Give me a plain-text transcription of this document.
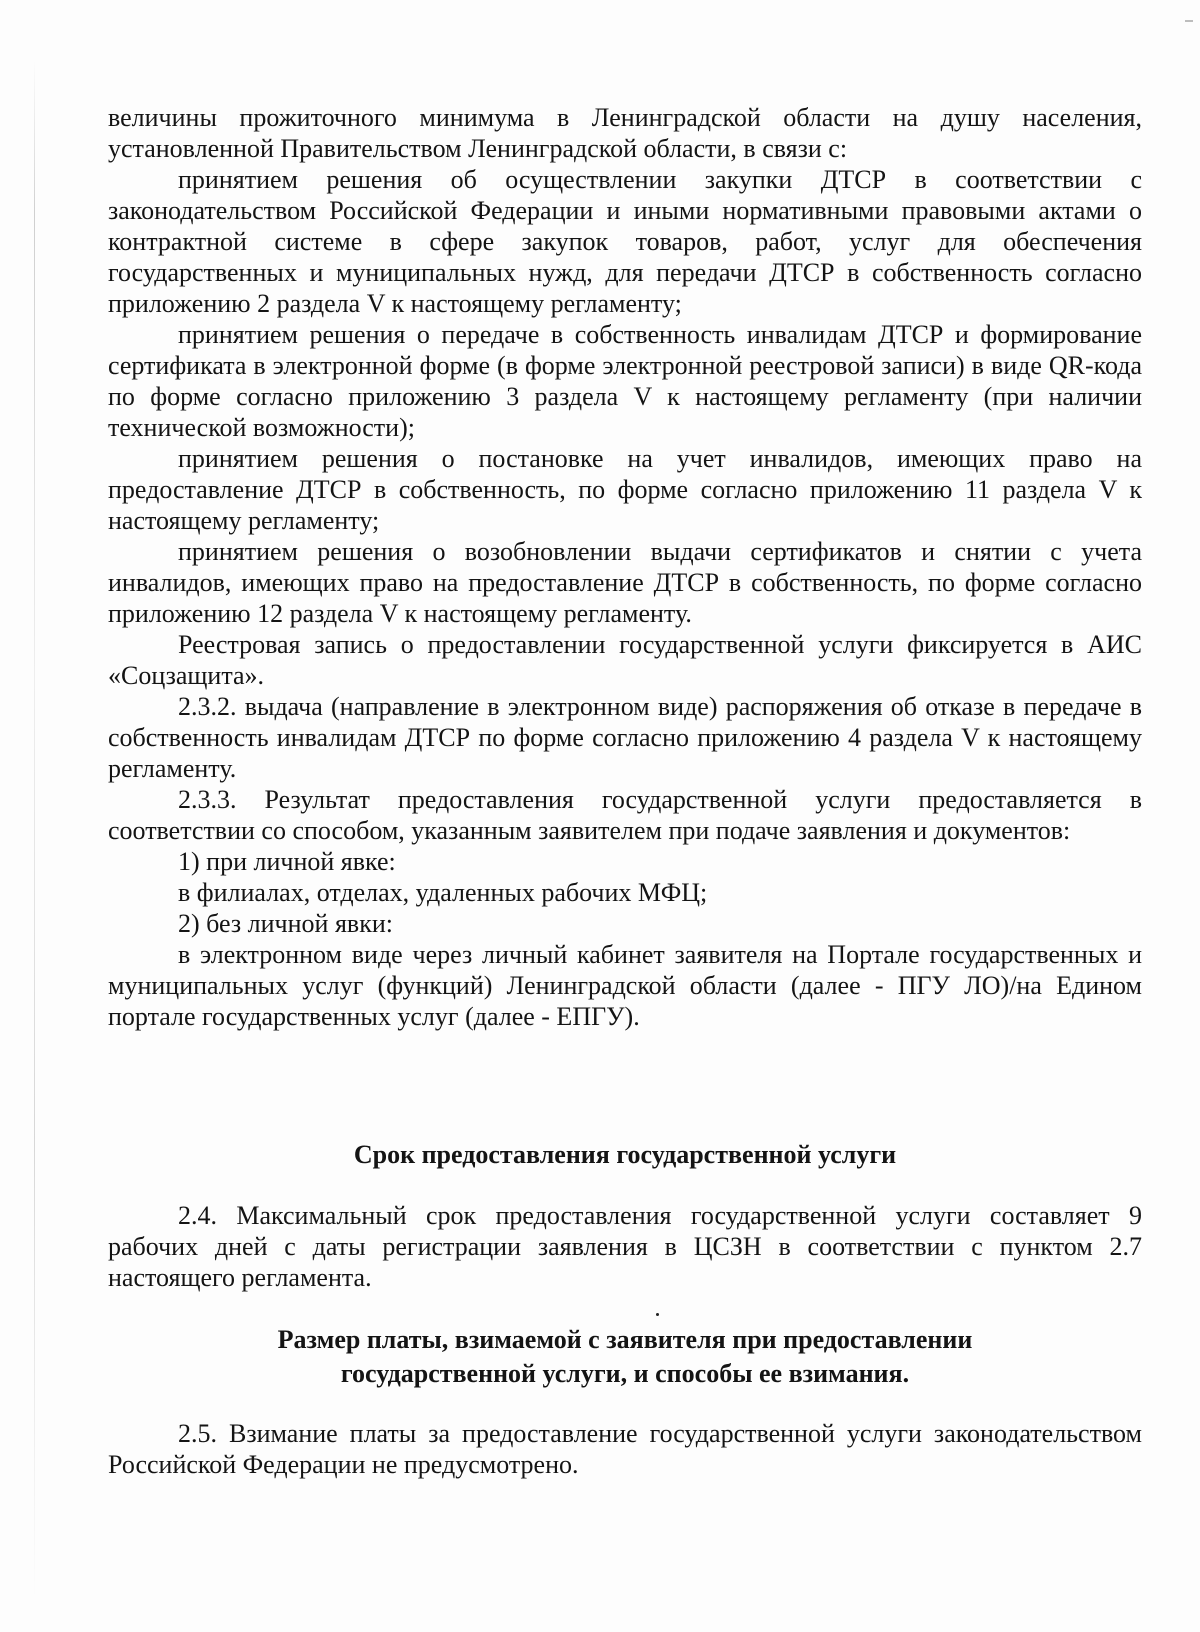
величины прожиточного минимума в Ленинградской области на душу населения, установленной Правительством Ленинградской области, в связи с:

принятием решения об осуществлении закупки ДТСР в соответствии с законодательством Российской Федерации и иными нормативными правовыми актами о контрактной системе в сфере закупок товаров, работ, услуг для обеспечения государственных и муниципальных нужд, для передачи ДТСР в собственность согласно приложению 2 раздела V к настоящему регламенту;

принятием решения о передаче в собственность инвалидам ДТСР и формирование сертификата в электронной форме (в форме электронной реестровой записи) в виде QR-кода по форме согласно приложению 3 раздела V к настоящему регламенту (при наличии технической возможности);

принятием решения о постановке на учет инвалидов, имеющих право на предоставление ДТСР в собственность, по форме согласно приложению 11 раздела V к настоящему регламенту;

принятием решения о возобновлении выдачи сертификатов и снятии с учета инвалидов, имеющих право на предоставление ДТСР в собственность, по форме согласно приложению 12 раздела V к настоящему регламенту.

Реестровая запись о предоставлении государственной услуги фиксируется в АИС «Соцзащита».

2.3.2. выдача (направление в электронном виде) распоряжения об отказе в передаче в собственность инвалидам ДТСР по форме согласно приложению 4 раздела V к настоящему регламенту.

2.3.3. Результат предоставления государственной услуги предоставляется в соответствии со способом, указанным заявителем при подаче заявления и документов:

1) при личной явке:

в филиалах, отделах, удаленных рабочих МФЦ;

2) без личной явки:

в электронном виде через личный кабинет заявителя на Портале государственных и муниципальных услуг (функций) Ленинградской области (далее - ПГУ ЛО)/на Едином портале государственных услуг (далее - ЕПГУ).

Срок предоставления государственной услуги

2.4. Максимальный срок предоставления государственной услуги составляет 9 рабочих дней с даты регистрации заявления в ЦСЗН в соответствии с пунктом 2.7 настоящего регламента.

Размер платы, взимаемой с заявителя при предоставлении

государственной услуги, и способы ее взимания.

2.5. Взимание платы за предоставление государственной услуги законодательством Российской Федерации не предусмотрено.
